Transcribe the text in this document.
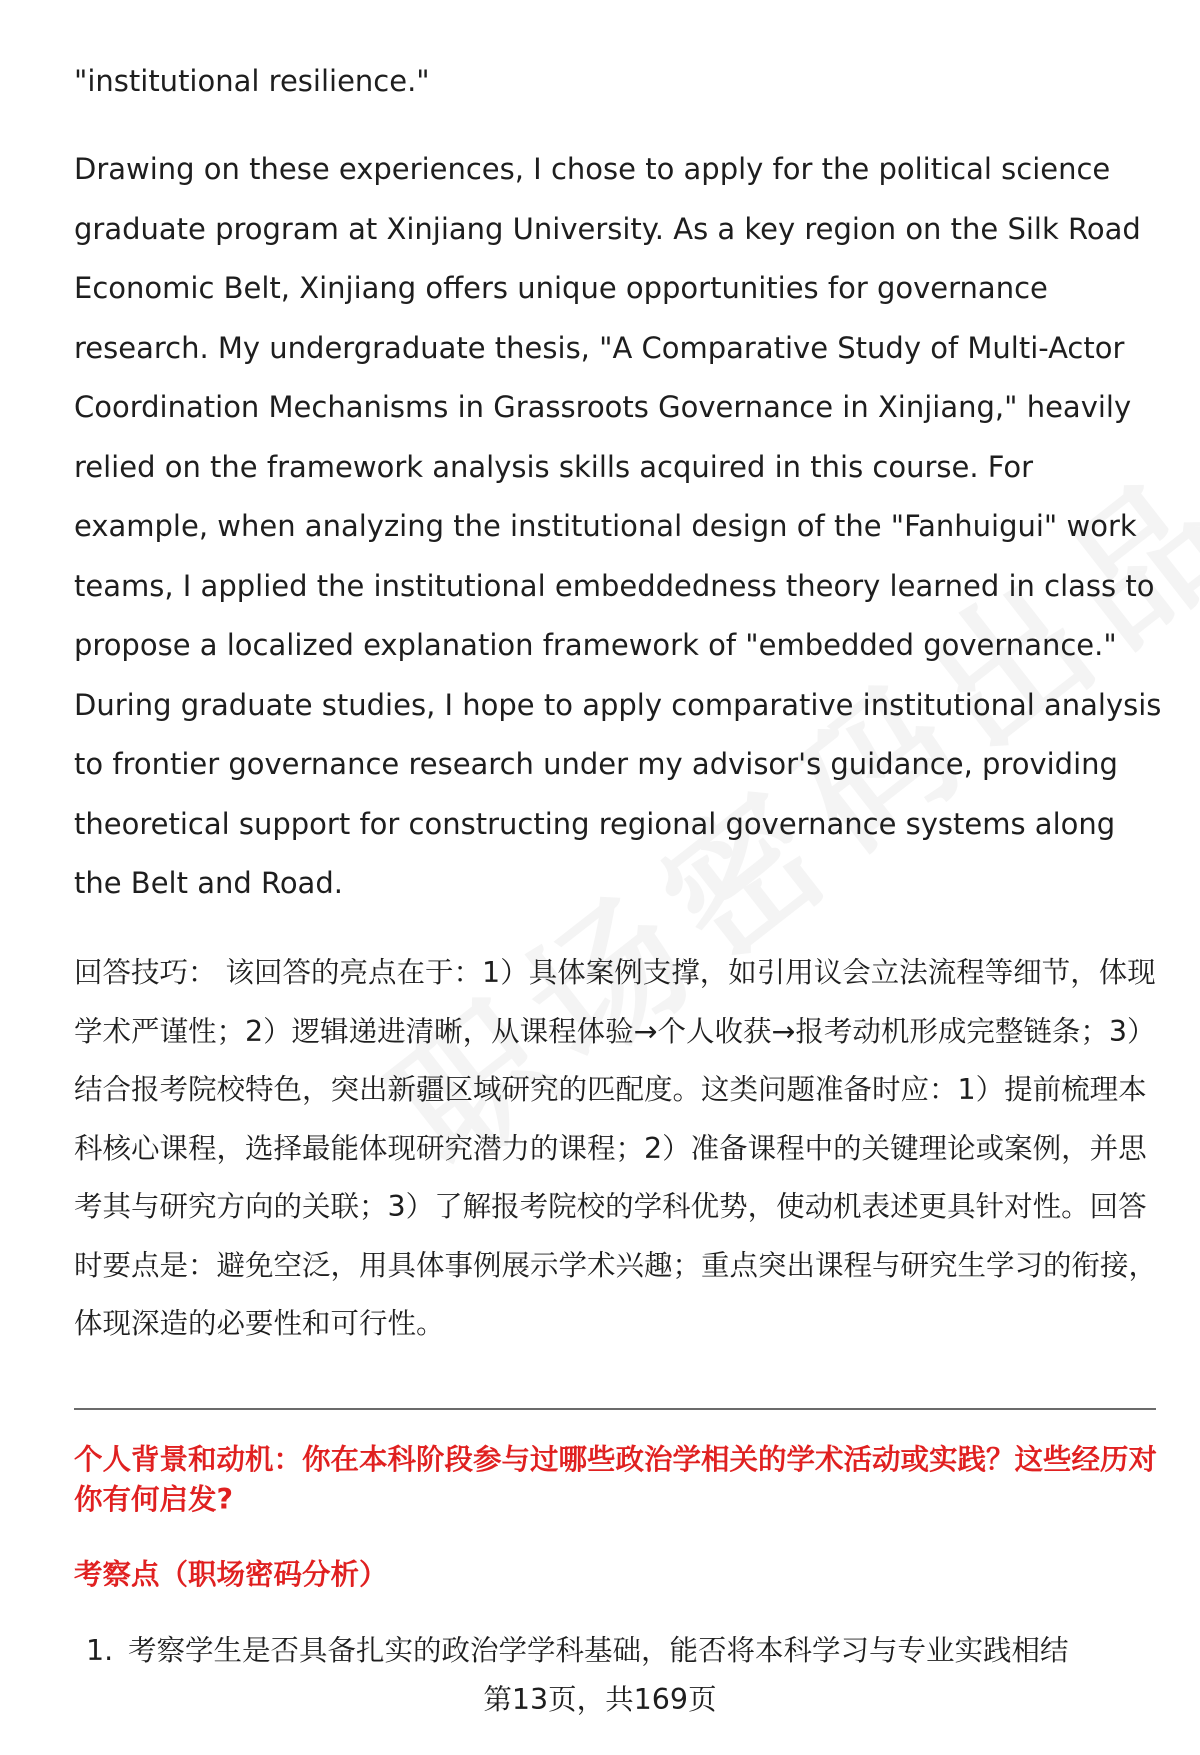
"institutional resilience."

Drawing on these experiences, I chose to apply for the political science graduate program at Xinjiang University. As a key region on the Silk Road Economic Belt, Xinjiang offers unique opportunities for governance research. My undergraduate thesis, "A Comparative Study of Multi-Actor Coordination Mechanisms in Grassroots Governance in Xinjiang," heavily relied on the framework analysis skills acquired in this course. For example, when analyzing the institutional design of the "Fanhuigui" work teams, I applied the institutional embeddedness theory learned in class to propose a localized explanation framework of "embedded governance." During graduate studies, I hope to apply comparative institutional analysis to frontier governance research under my advisor's guidance, providing theoretical support for constructing regional governance systems along the Belt and Road.

回答技巧： 该回答的亮点在于：1）具体案例支撑，如引用议会立法流程等细节，体现学术严谨性；2）逻辑递进清晰，从课程体验→个人收获→报考动机形成完整链条；3）结合报考院校特色，突出新疆区域研究的匹配度。这类问题准备时应：1）提前梳理本科核心课程，选择最能体现研究潜力的课程；2）准备课程中的关键理论或案例，并思考其与研究方向的关联；3）了解报考院校的学科优势，使动机表述更具针对性。回答时要点是：避免空泛，用具体事例展示学术兴趣；重点突出课程与研究生学习的衔接，体现深造的必要性和可行性。

个人背景和动机：你在本科阶段参与过哪些政治学相关的学术活动或实践？这些经历对你有何启发?

考察点（职场密码分析）

1. 考察学生是否具备扎实的政治学学科基础，能否将本科学习与专业实践相结
第13页，共169页
